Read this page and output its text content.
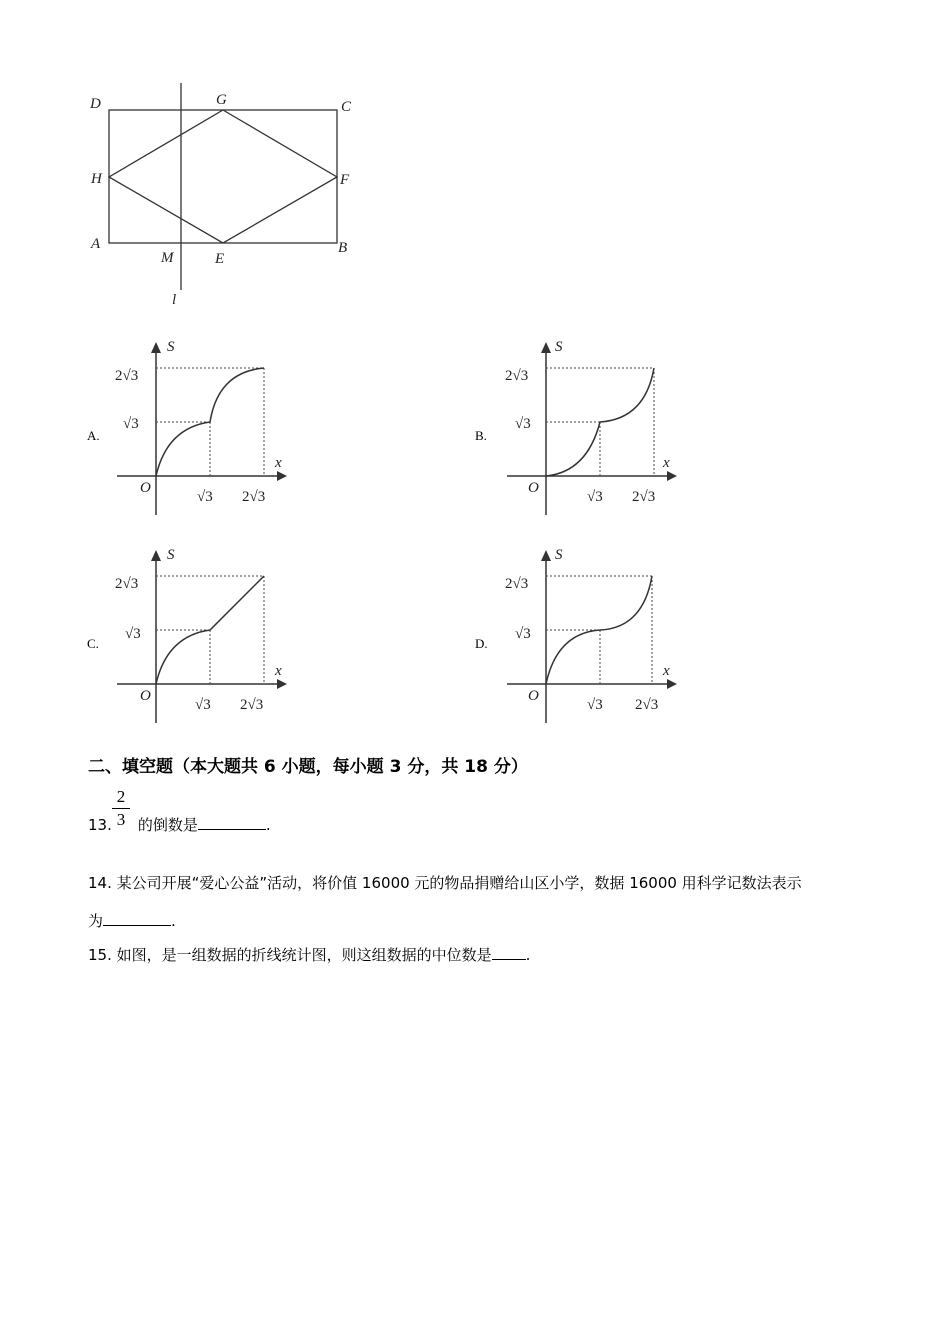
D	G	C
H	F
A
M	E
B
l
A.	B.
C.	D.
S
x
O
√3 2√3
√3
2√3
S
x
O
√3 2√3
√3
2√3
S
x
O
√3 2√3
√3
2√3
S
x
O
√3 2√3
√3
2√3
二、填空题（本大题共 6 小题，每小题 3 分，共 18 分）
2
3
13. 的倒数是	.
14. 某公司开展“爱心公益”活动，将价值 16000 元的物品捐赠给山区小学，数据 16000 用科学记数法表示
为	.
15. 如图，是一组数据的折线统计图，则这组数据的中位数是 .
